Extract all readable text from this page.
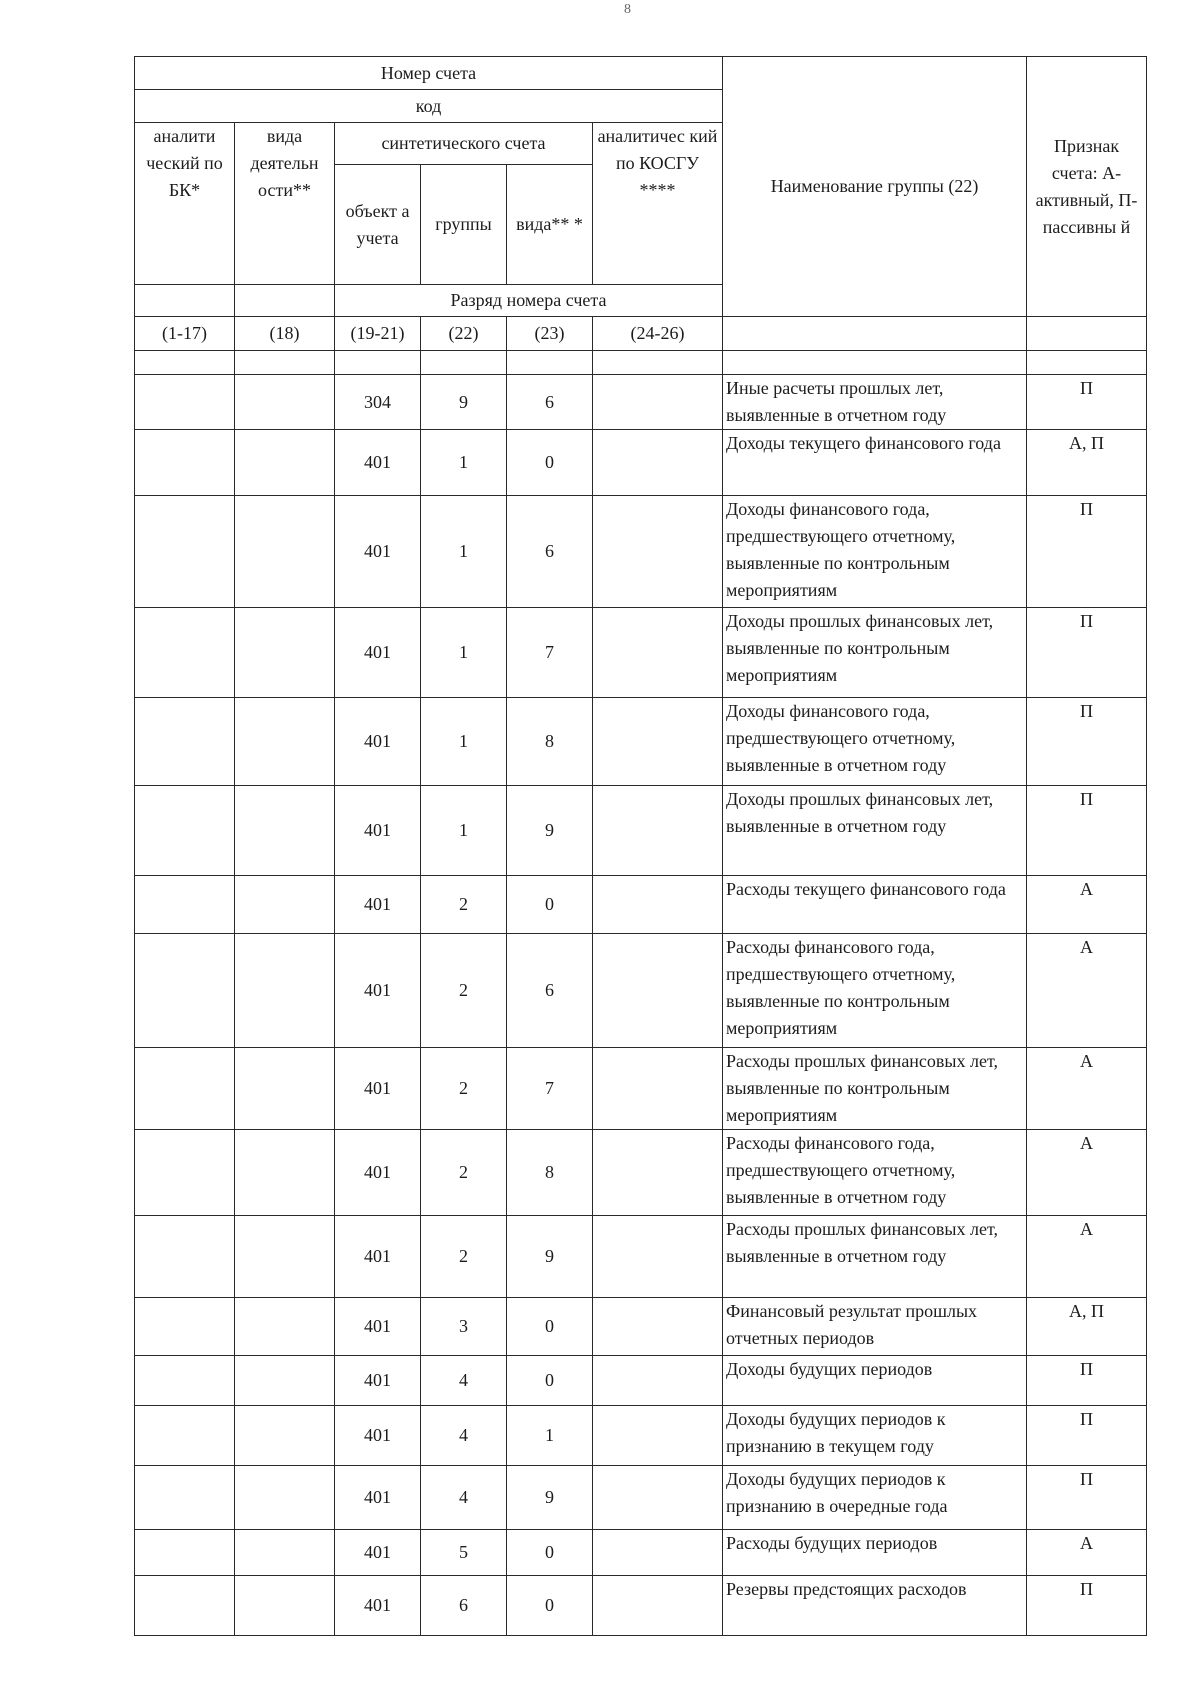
8
Номер счета						Наименование группы (22)	Признак счета: А- активный, П- пассивны й
код							
аналити ческий по БК*	вида деятельн ости**	синтетического счета			аналитичес кий по КОСГУ ****		
		объект а учета	группы	вида** *			
		Разряд номера счета					
(1-17)	(18)	(19-21)	(22)	(23)	(24-26)		

		304	9	6		Иные расчеты прошлых лет, выявленные в отчетном году	П
		401	1	0		Доходы текущего финансового года	А, П
		401	1	6		Доходы финансового года, предшествующего отчетному, выявленные по контрольным мероприятиям	П
		401	1	7		Доходы прошлых финансовых лет, выявленные по контрольным мероприятиям	П
		401	1	8		Доходы финансового года, предшествующего отчетному, выявленные в отчетном году	П
		401	1	9		Доходы прошлых финансовых лет, выявленные в отчетном году	П
		401	2	0		Расходы текущего финансового года	А
		401	2	6		Расходы финансового года, предшествующего отчетному, выявленные по контрольным мероприятиям	А
		401	2	7		Расходы прошлых финансовых лет, выявленные по контрольным мероприятиям	А
		401	2	8		Расходы финансового года, предшествующего отчетному, выявленные в отчетном году	А
		401	2	9		Расходы прошлых финансовых лет, выявленные в отчетном году	А
		401	3	0		Финансовый результат прошлых отчетных периодов	А, П
		401	4	0		Доходы будущих периодов	П
		401	4	1		Доходы будущих периодов к признанию в текущем году	П
		401	4	9		Доходы будущих периодов к признанию в очередные года	П
		401	5	0		Расходы будущих периодов	А
		401	6	0		Резервы предстоящих расходов	П
